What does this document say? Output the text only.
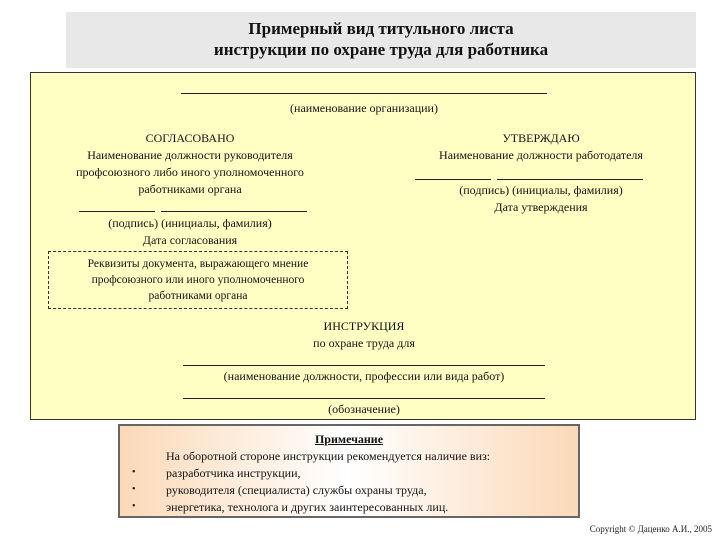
Примерный вид титульного листа
инструкции по охране труда для работника
(наименование организации)
СОГЛАСОВАНО
Наименование должности руководителя
профсоюзного либо иного уполномоченного
работниками органа
(подпись) (инициалы, фамилия)
Дата согласования
УТВЕРЖДАЮ
Наименование должности работодателя
(подпись) (инициалы, фамилия)
Дата утверждения
ИНСТРУКЦИЯ
по охране труда для
(наименование должности, профессии или вида работ)
(обозначение)
Реквизиты документа, выражающего мнение
профсоюзного или иного уполномоченного
работниками органа
Примечание
На оборотной стороне инструкции рекомендуется наличие виз:
•	разработчика инструкции,
•	руководителя (специалиста) службы охраны труда,
•	энергетика, технолога и других заинтересованных лиц.
Copyright © Даценко А.И., 2005
